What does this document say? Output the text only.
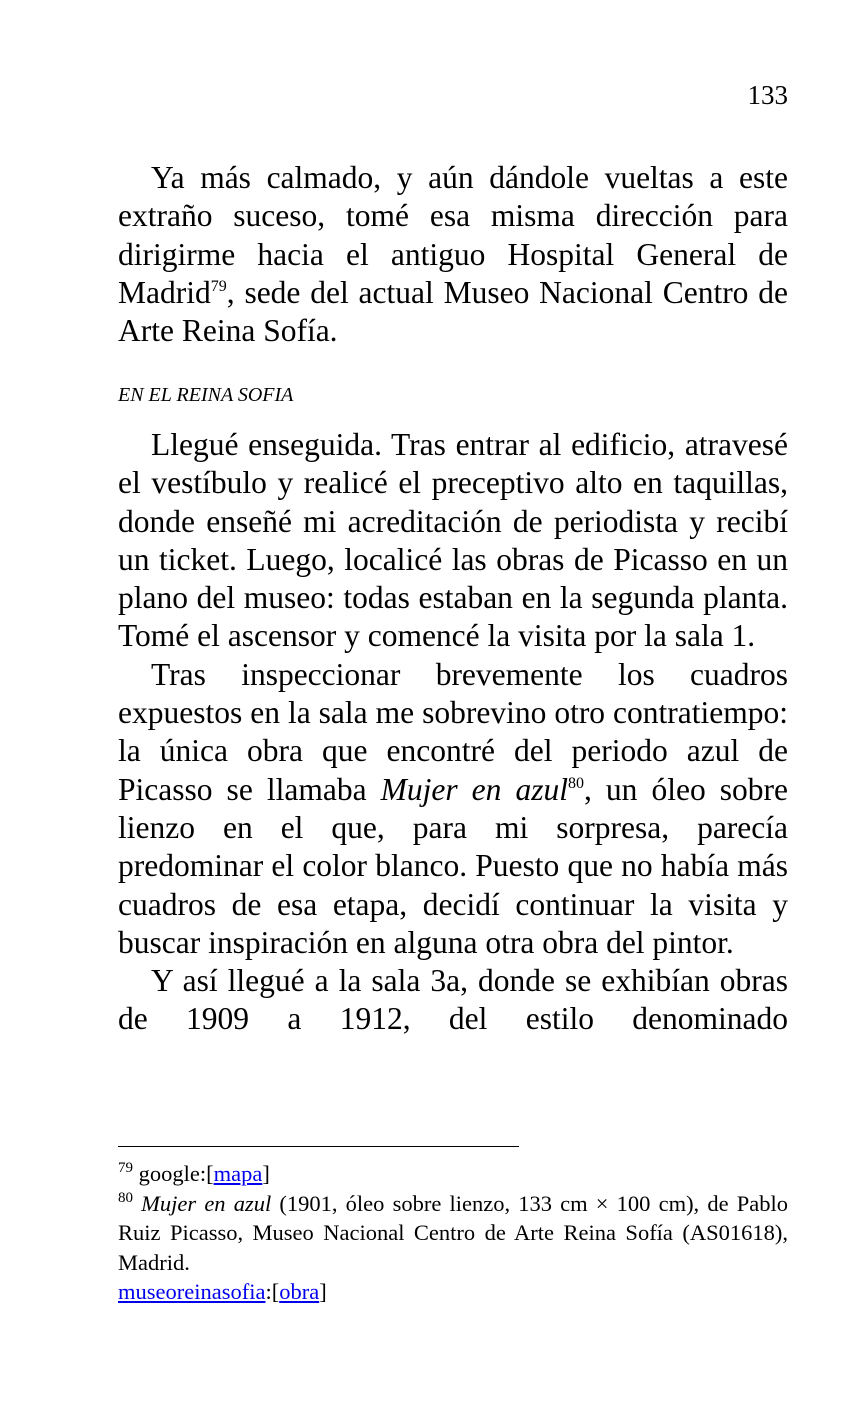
133

Ya más calmado, y aún dándole vueltas a este extraño suceso, tomé esa misma dirección para dirigirme hacia el antiguo Hospital General de Madrid$^{79}$, sede del actual Museo Nacional Centro de Arte Reina Sofía.

EN EL REINA SOFIA

Llegué enseguida. Tras entrar al edificio, atravesé el vestíbulo y realicé el preceptivo alto en taquillas, donde enseñé mi acreditación de periodista y recibí un ticket. Luego, localicé las obras de Picasso en un plano del museo: todas estaban en la segunda planta. Tomé el ascensor y comencé la visita por la sala 1.

Tras inspeccionar brevemente los cuadros expuestos en la sala me sobrevino otro contratiempo: la única obra que encontré del periodo azul de Picasso se llamaba Mujer en azul$^{80}$, un óleo sobre lienzo en el que, para mi sorpresa, parecía predominar el color blanco. Puesto que no había más cuadros de esa etapa, decidí continuar la visita y buscar inspiración en alguna otra obra del pintor.

Y así llegué a la sala 3a, donde se exhibían obras de 1909 a 1912, del estilo denominado

$^{79}$ google:[mapa]

$^{80}$ Mujer en azul (1901, óleo sobre lienzo, 133 cm × 100 cm), de Pablo Ruiz Picasso, Museo Nacional Centro de Arte Reina Sofía (AS01618), Madrid.

museoreinasofia:[obra]
